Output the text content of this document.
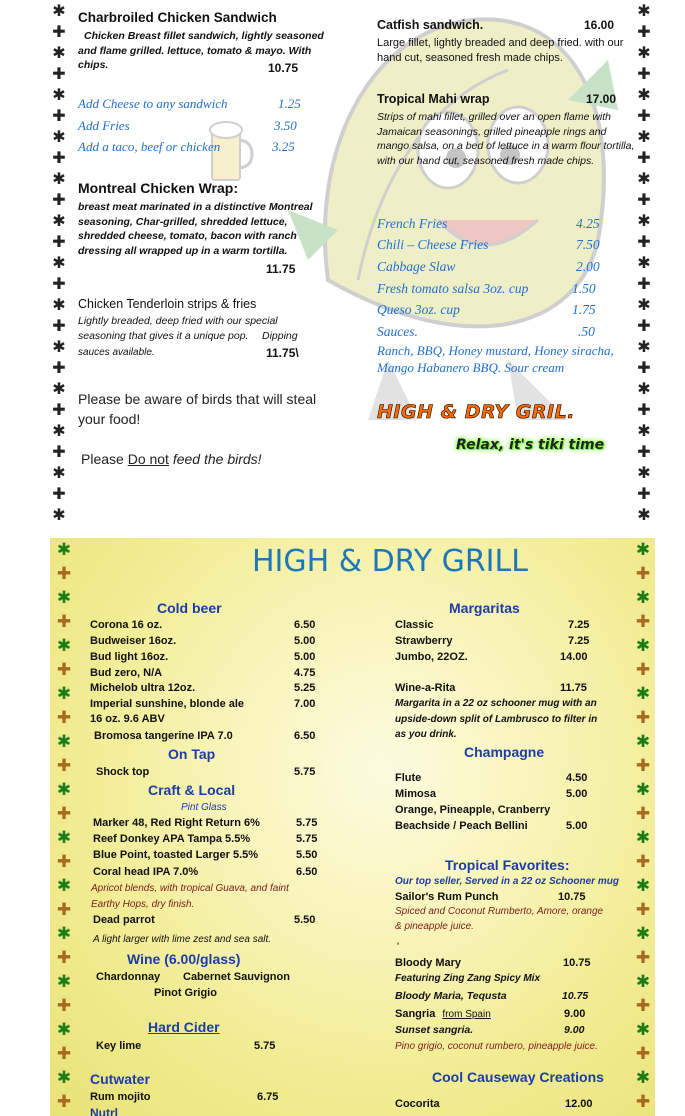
✱
✚
✱
✚
✱
✚
✱
✚
✱
✚
✱
✚
✱
✚
✱
✚
✱
✚
✱
✚
✱
✚
✱
✚
✱
✱
✚
✱
✚
✱
✚
✱
✚
✱
✚
✱
✚
✱
✚
✱
✚
✱
✚
✱
✚
✱
✚
✱
✚
✱
Charbroiled Chicken Sandwich
Chicken Breast fillet sandwich, lightly seasoned and flame grilled. lettuce, tomato & mayo. With chips.	10.75
Add Cheese to any sandwich	1.25
Add Fries	3.50
Add a taco, beef or chicken	3.25
Montreal Chicken Wrap:
breast meat marinated in a distinctive Montreal seasoning, Char-grilled, shredded lettuce, shredded cheese, tomato, bacon with ranch dressing all wrapped up in a warm tortilla.
11.75
Chicken Tenderloin strips & fries
Lightly breaded, deep fried with our special seasoning that gives it a unique pop.	Dipping
sauces available.	11.75\
Please be aware of birds that will steal your food!
Please Do not feed the birds!
Catfish sandwich.	16.00
Large fillet, lightly breaded and deep fried. with our hand cut, seasoned fresh made chips.
Tropical Mahi wrap	17.00
Strips of mahi fillet, grilled over an open flame with Jamaican seasonings, grilled pineapple rings and mango salsa, on a bed of lettuce in a warm flour tortilla, with our hand cut, seasoned fresh made chips.
French Fries	4.25
Chili – Cheese Fries	7.50
Cabbage Slaw	2.00
Fresh tomato salsa 3oz. cup	1.50
Queso 3oz. cup	1.75
Sauces.	.50
Ranch, BBQ, Honey mustard, Honey siracha, Mango Habanero BBQ. Sour cream
HIGH & DRY GRIL.
Relax, it's tiki time
✱
✚
✱
✚
✱
✚
✱
✚
✱
✚
✱
✚
✱
✚
✱
✚
✱
✚
✱
✚
✱
✚
✱
✚
✱
✚
✱
✚
✱
✚
✱
✚
✱
✚
✱
✚
✱
✚
✱
✚
✱
✚
✱
✚
✱
✚
✱
✚
HIGH & DRY GRILL
Cold beer
Corona 16 oz.	6.50
Budweiser 16oz.	5.00
Bud light 16oz.	5.00
Bud zero, N/A	4.75
Michelob ultra 12oz.	5.25
Imperial sunshine, blonde ale	7.00
16 oz. 9.6 ABV
Bromosa tangerine IPA 7.0	6.50
On Tap
Shock top	5.75
Craft & Local
Pint Glass
Marker 48, Red Right Return 6%	5.75
Reef Donkey APA Tampa 5.5%	5.75
Blue Point, toasted Larger 5.5%	5.50
Coral head IPA 7.0%	6.50
Apricot blends, with tropical Guava, and faint
Earthy Hops, dry finish.
Dead parrot	5.50
A light larger with lime zest and sea salt.
Wine (6.00/glass)
Chardonnay Cabernet Sauvignon
Pinot Grigio
Hard Cider
Key lime	5.75
Cutwater
Rum mojito	6.75
Nutrl
Margaritas
Classic	7.25
Strawberry	7.25
Jumbo, 22OZ.	14.00
Wine-a-Rita	11.75
Margarita in a 22 oz schooner mug with an
upside-down split of Lambrusco to filter in
as you drink.
Champagne
Flute	4.50
Mimosa	5.00
Orange, Pineapple, Cranberry
Beachside / Peach Bellini	5.00
Tropical Favorites:
Our top seller, Served in a 22 oz Schooner mug
Sailor's Rum Punch	10.75
Spiced and Coconut Rumberto, Amore, orange
& pineapple juice.
'
Bloody Mary	10.75
Featuring Zing Zang Spicy Mix
Bloody Maria, Tequsta	10.75
Sangria from Spain	9.00
Sunset sangria.	9.00
Pino grigio, coconut rumbero, pineapple juice.
Cool Causeway Creations
Cocorita	12.00
